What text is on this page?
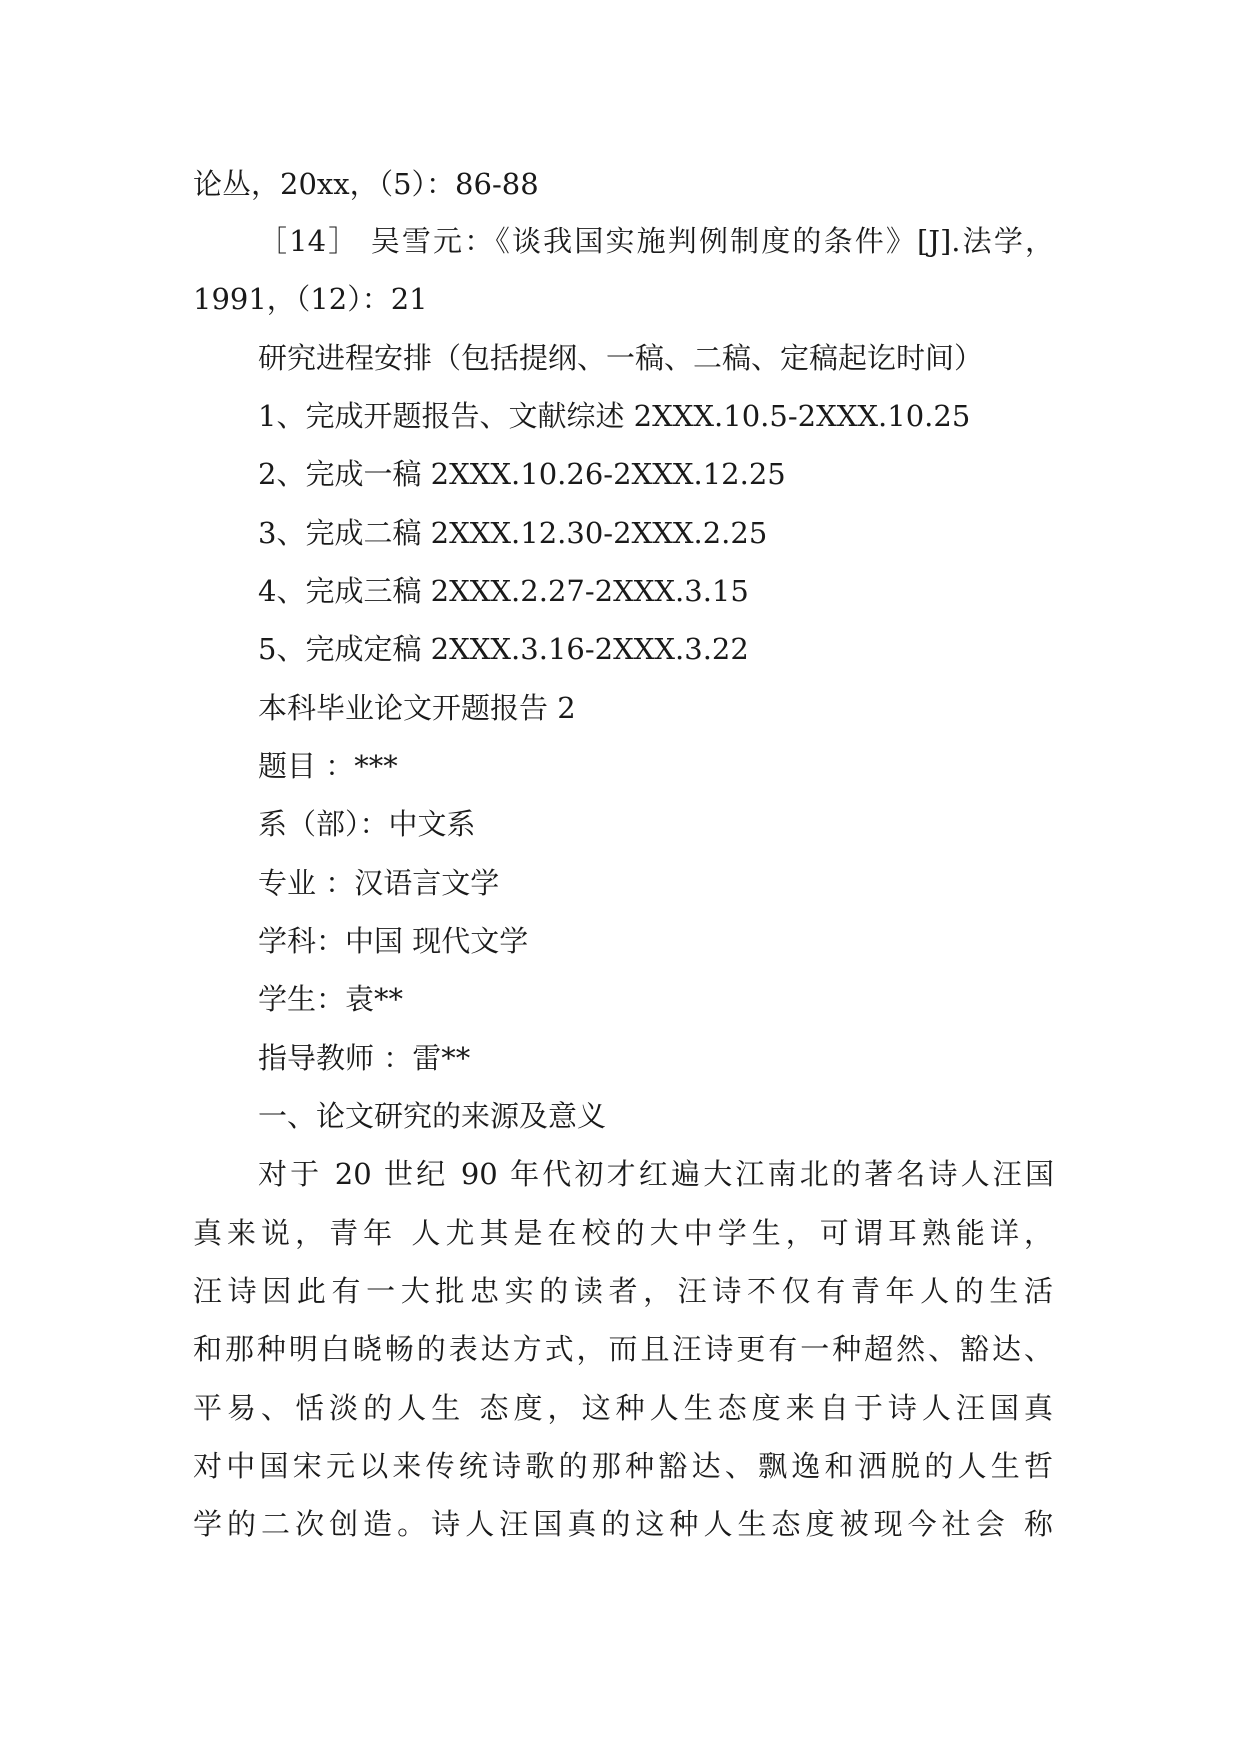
论丛，20xx，（5）：86-88
［14］ 吴雪元：《谈我国实施判例制度的条件》[J].法学，
1991，（12）：21
研究进程安排（包括提纲、一稿、二稿、定稿起讫时间）
1、完成开题报告、文献综述 2XXX.10.5-2XXX.10.25
2、完成一稿 2XXX.10.26-2XXX.12.25
3、完成二稿 2XXX.12.30-2XXX.2.25
4、完成三稿 2XXX.2.27-2XXX.3.15
5、完成定稿 2XXX.3.16-2XXX.3.22
本科毕业论文开题报告 2
题目 ：***
系（部）：中文系
专业 ：汉语言文学
学科：中国 现代文学
学生：袁**
指导教师 ：雷**
一、论文研究的来源及意义
对于 20 世纪 90 年代初才红遍大江南北的著名诗人汪国
真来说，青年 人尤其是在校的大中学生，可谓耳熟能详，
汪诗因此有一大批忠实的读者，汪诗不仅有青年人的生活
和那种明白晓畅的表达方式，而且汪诗更有一种超然、豁达、
平易、恬淡的人生 态度，这种人生态度来自于诗人汪国真
对中国宋元以来传统诗歌的那种豁达、飘逸和洒脱的人生哲
学的二次创造。诗人汪国真的这种人生态度被现今社会 称
